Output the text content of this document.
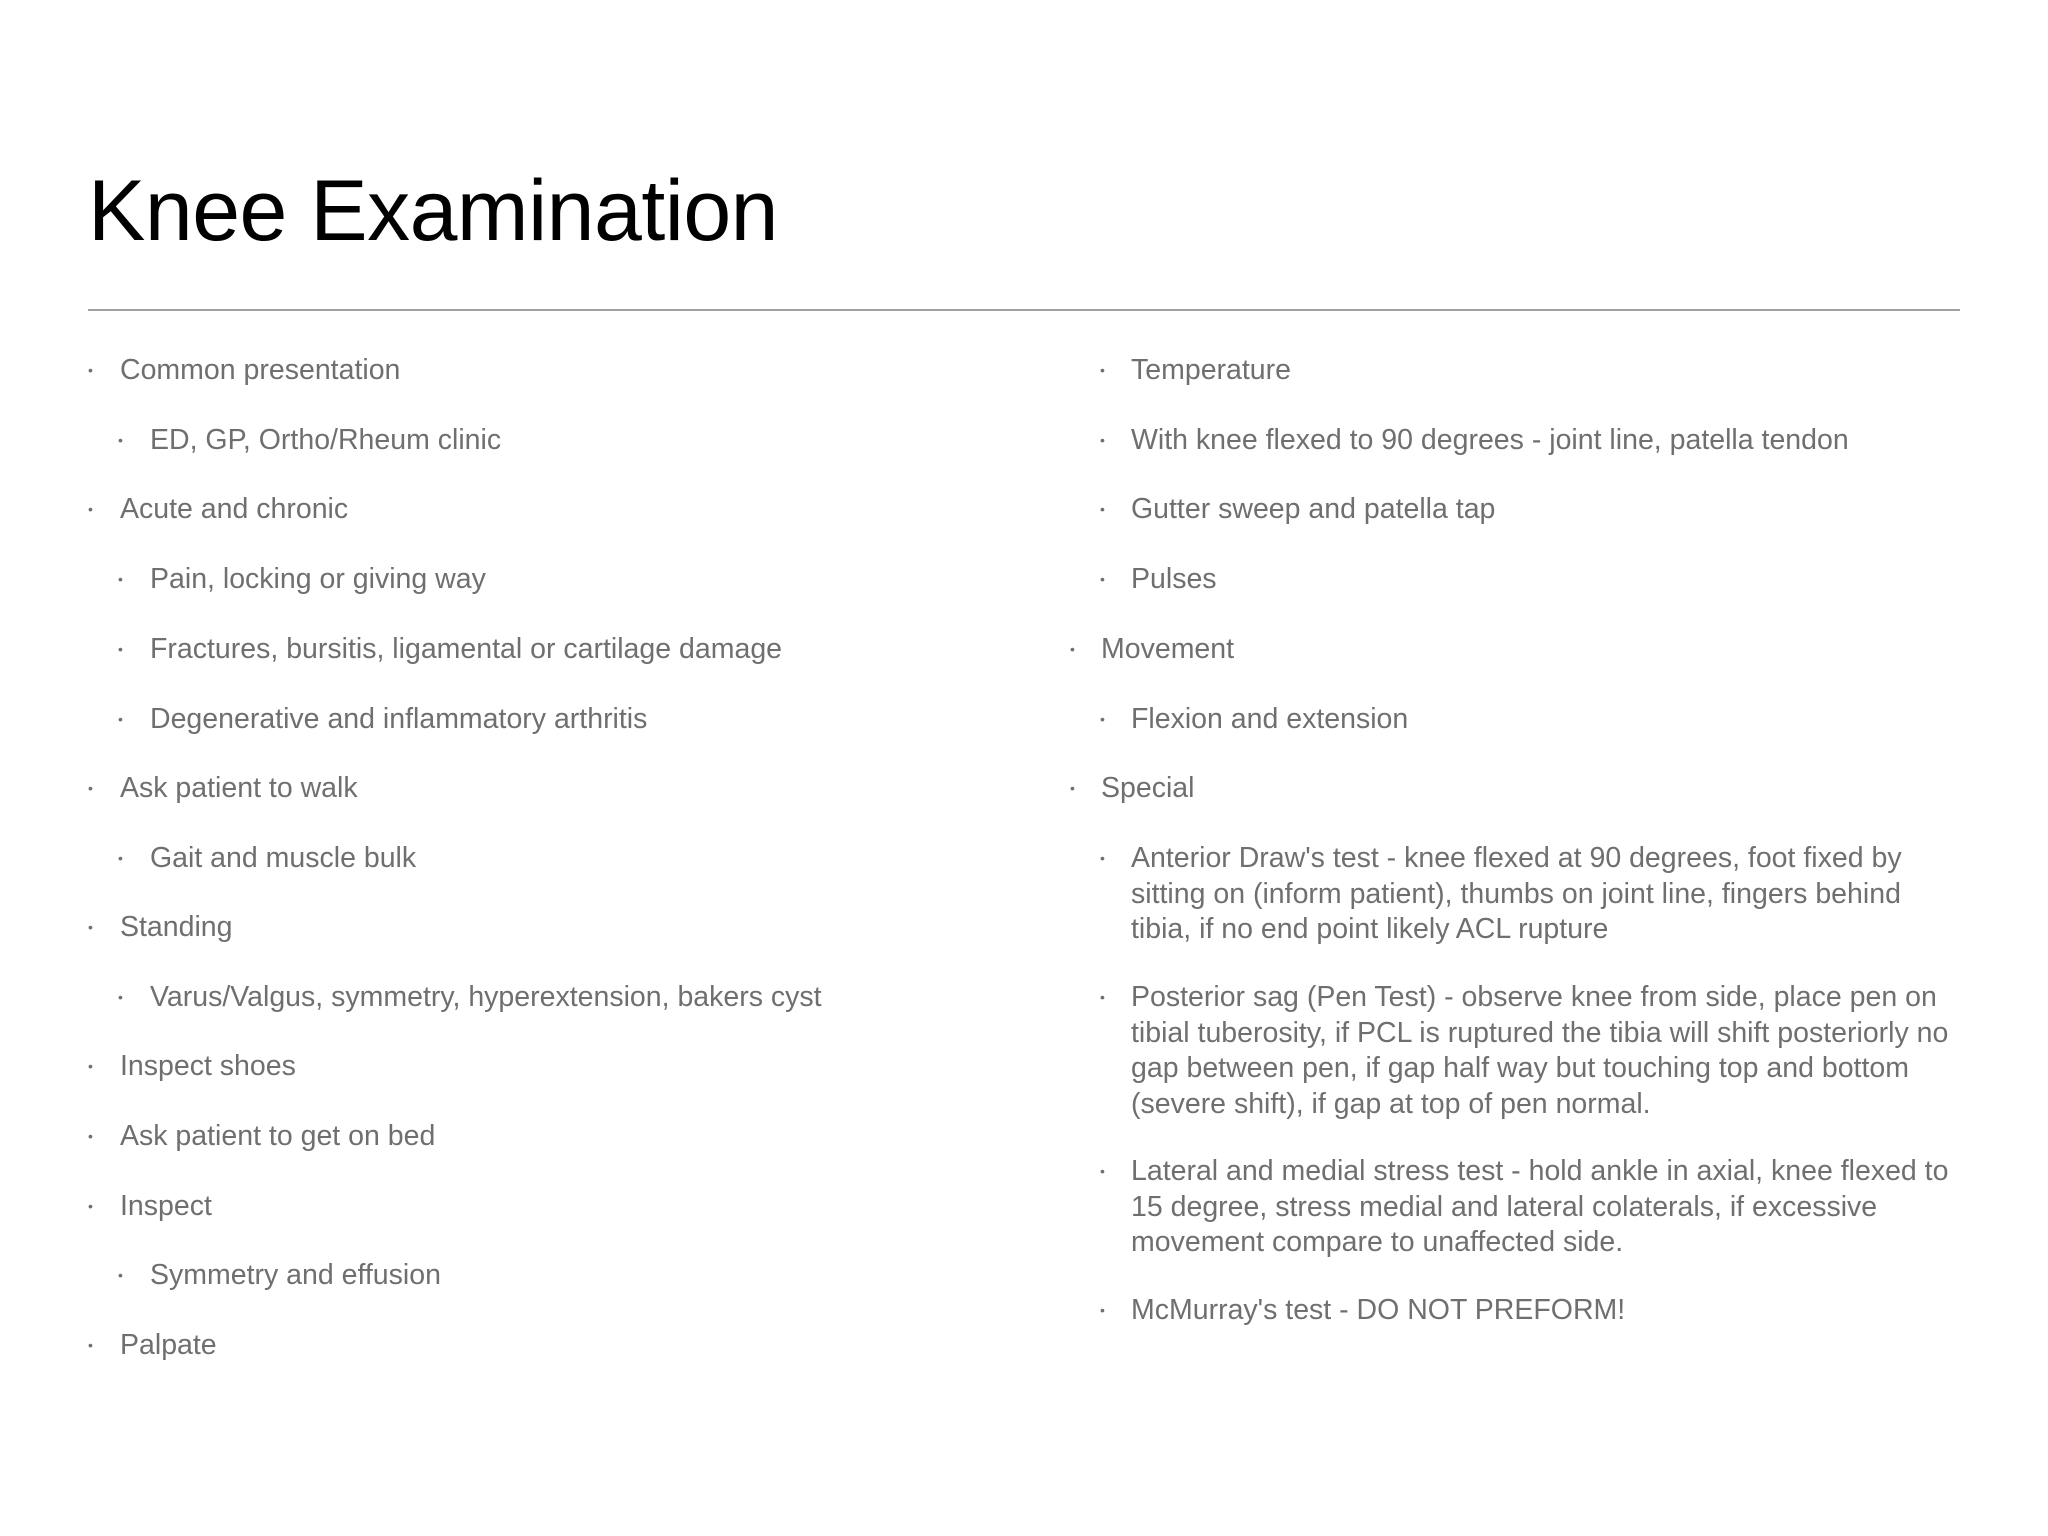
Knee Examination
• Common presentation
• ED, GP, Ortho/Rheum clinic
• Acute and chronic
• Pain, locking or giving way
• Fractures, bursitis, ligamental or cartilage damage
• Degenerative and inflammatory arthritis
• Ask patient to walk
• Gait and muscle bulk
• Standing
• Varus/Valgus, symmetry, hyperextension, bakers cyst
• Inspect shoes
• Ask patient to get on bed
• Inspect
• Symmetry and effusion
• Palpate
• Temperature
• With knee flexed to 90 degrees - joint line, patella tendon
• Gutter sweep and patella tap
• Pulses
• Movement
• Flexion and extension
• Special
• Anterior Draw's test - knee flexed at 90 degrees, foot fixed by sitting on (inform patient), thumbs on joint line, fingers behind tibia, if no end point likely ACL rupture
• Posterior sag (Pen Test) - observe knee from side, place pen on tibial tuberosity, if PCL is ruptured the tibia will shift posteriorly no gap between pen, if gap half way but touching top and bottom (severe shift), if gap at top of pen normal.
• Lateral and medial stress test - hold ankle in axial, knee flexed to 15 degree, stress medial and lateral colaterals, if excessive movement compare to unaffected side.
• McMurray's test - DO NOT PREFORM!
